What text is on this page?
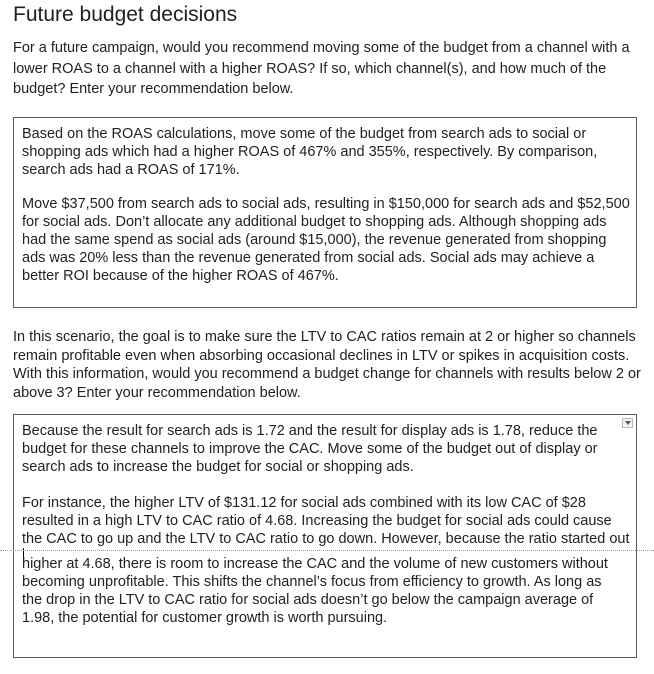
Future budget decisions
For a future campaign, would you recommend moving some of the budget from a channel with a lower ROAS to a channel with a higher ROAS? If so, which channel(s), and how much of the budget? Enter your recommendation below.
Based on the ROAS calculations, move some of the budget from search ads to social or shopping ads which had a higher ROAS of 467% and 355%, respectively. By comparison, search ads had a ROAS of 171%.
Move $37,500 from search ads to social ads, resulting in $150,000 for search ads and $52,500 for social ads. Don’t allocate any additional budget to shopping ads. Although shopping ads had the same spend as social ads (around $15,000), the revenue generated from shopping ads was 20% less than the revenue generated from social ads. Social ads may achieve a better ROI because of the higher ROAS of 467%.
In this scenario, the goal is to make sure the LTV to CAC ratios remain at 2 or higher so channels remain profitable even when absorbing occasional declines in LTV or spikes in acquisition costs. With this information, would you recommend a budget change for channels with results below 2 or above 3? Enter your recommendation below.
Because the result for search ads is 1.72 and the result for display ads is 1.78, reduce the budget for these channels to improve the CAC. Move some of the budget out of display or search ads to increase the budget for social or shopping ads.
For instance, the higher LTV of $131.12 for social ads combined with its low CAC of $28 resulted in a high LTV to CAC ratio of 4.68. Increasing the budget for social ads could cause the CAC to go up and the LTV to CAC ratio to go down. However, because the ratio started out
higher at 4.68, there is room to increase the CAC and the volume of new customers without becoming unprofitable. This shifts the channel’s focus from efficiency to growth. As long as the drop in the LTV to CAC ratio for social ads doesn’t go below the campaign average of 1.98, the potential for customer growth is worth pursuing.
